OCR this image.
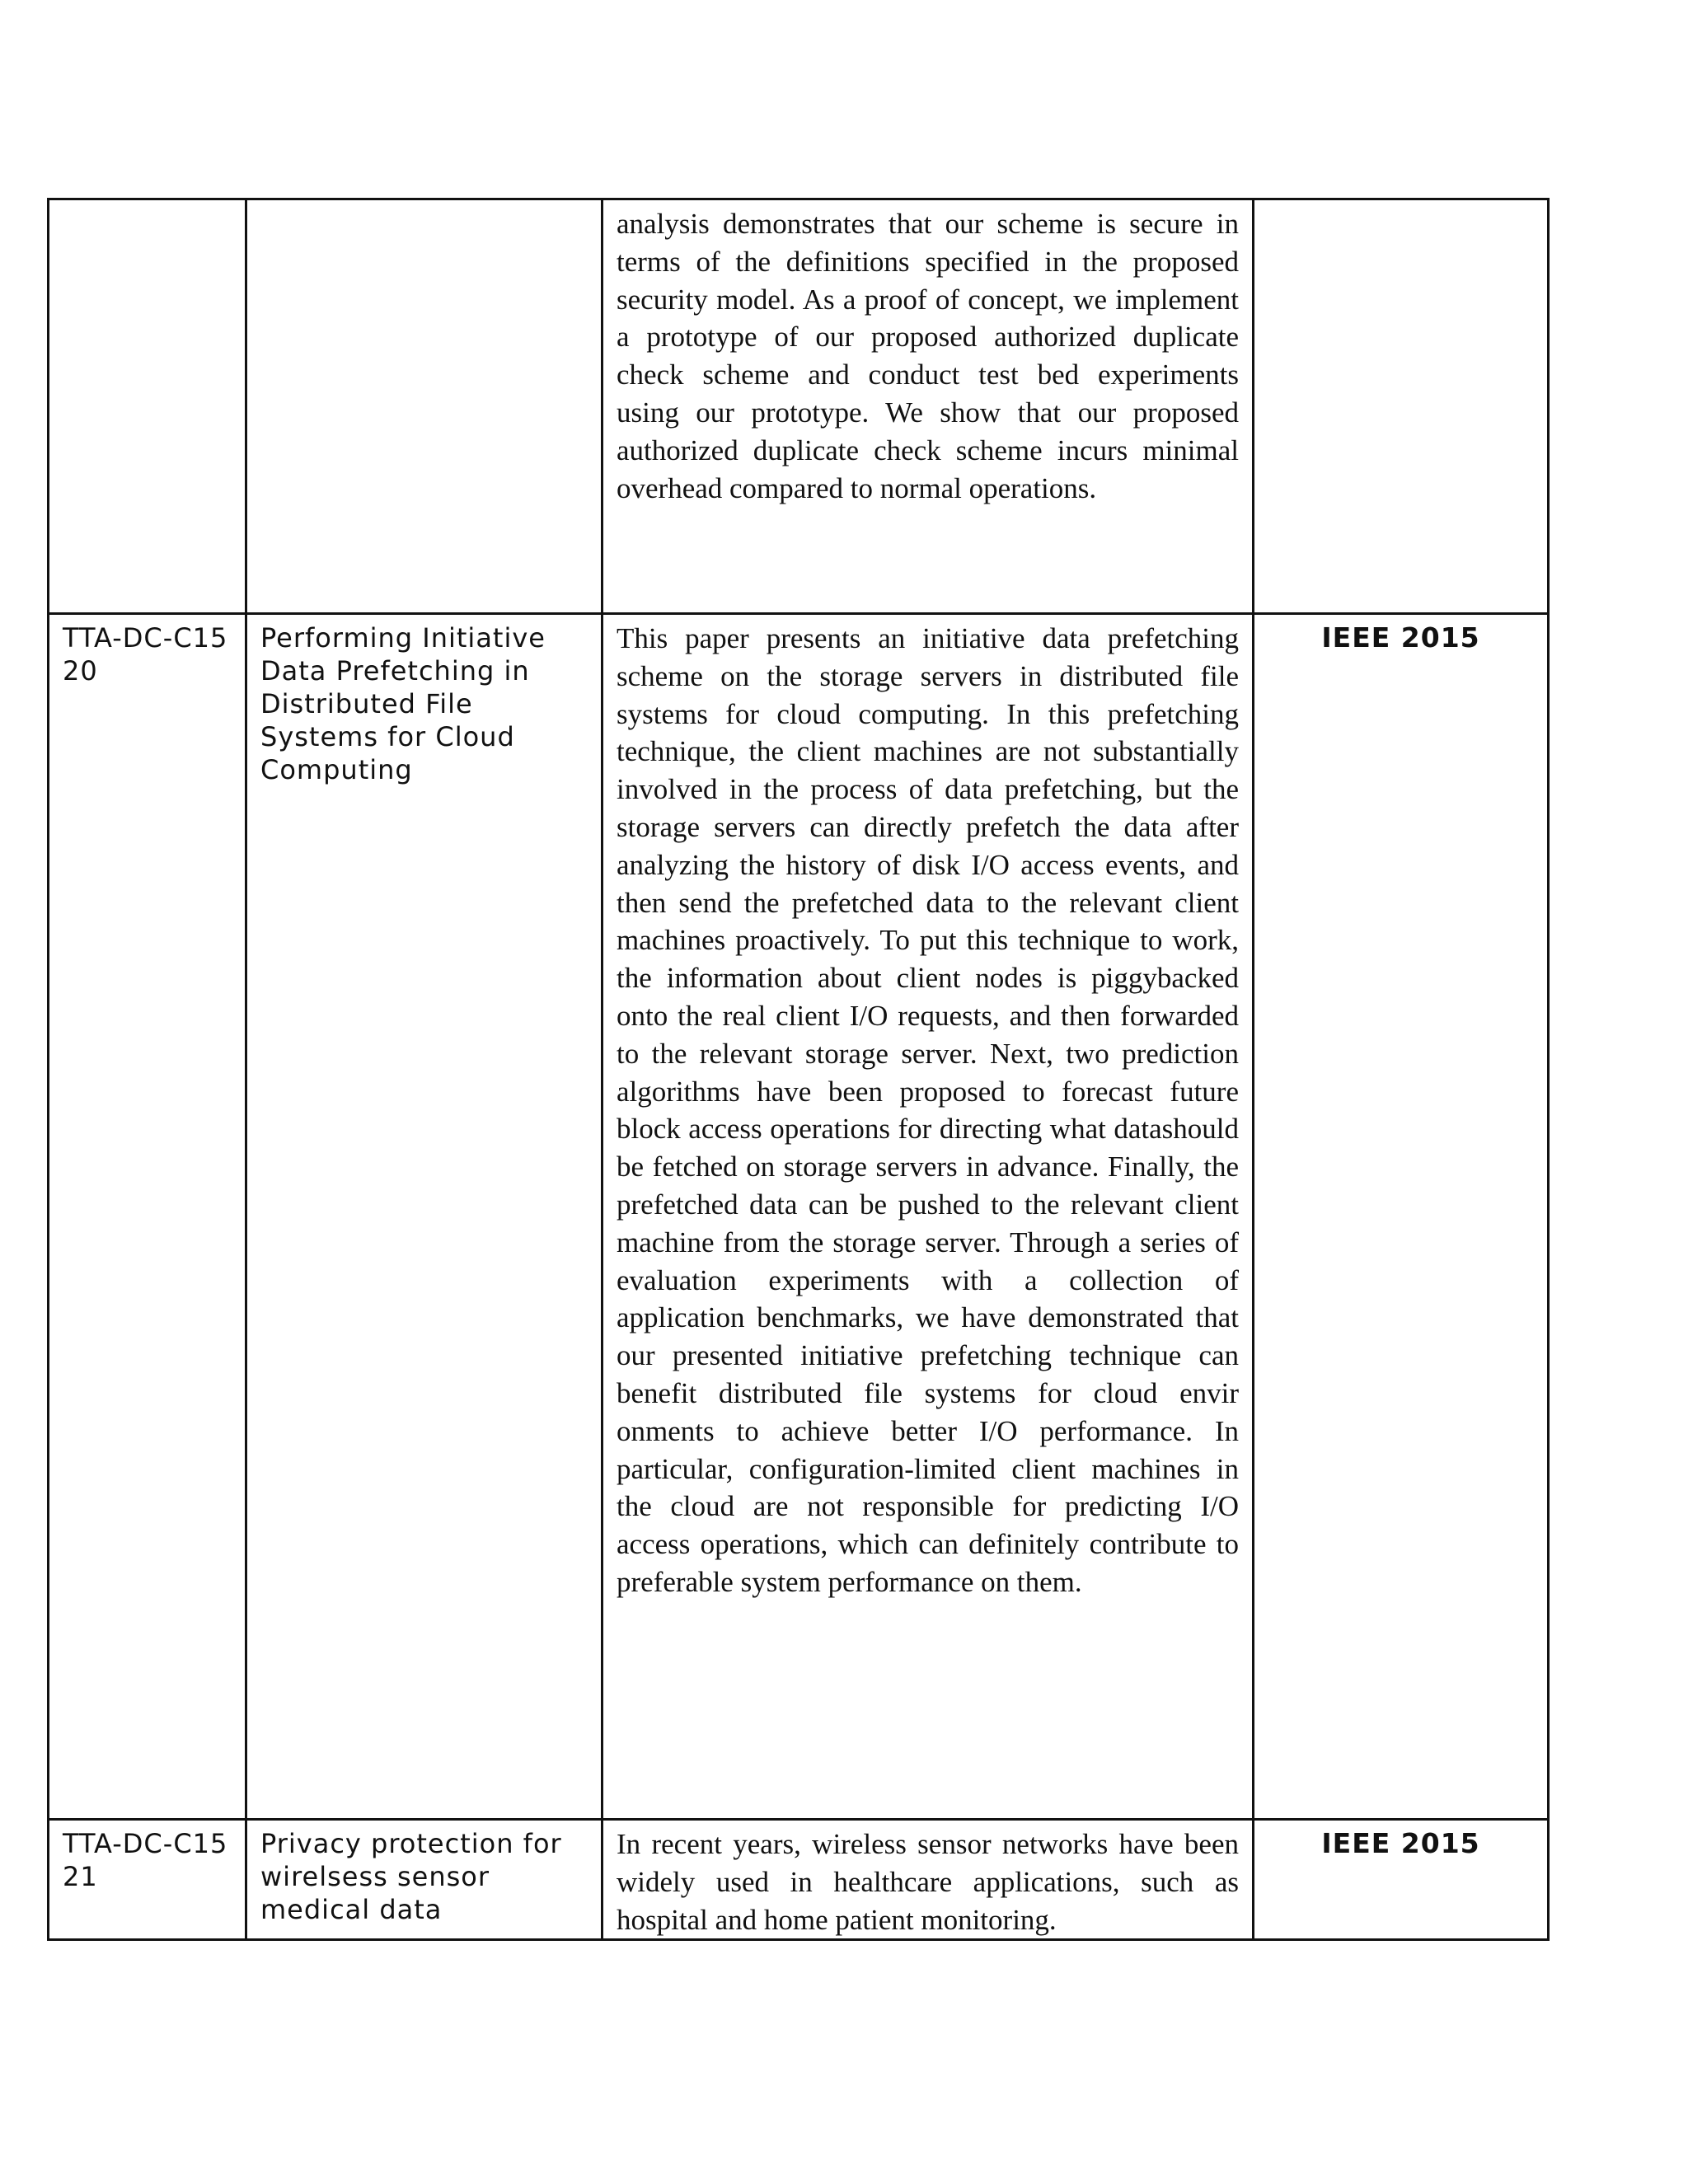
		analysis demonstrates that our scheme is secure in terms of the definitions specified in the proposed security model. As a proof of concept, we implement a prototype of our proposed authorized duplicate check scheme and conduct test bed experiments using our prototype. We show that our proposed authorized duplicate check scheme incurs minimal overhead compared to normal operations.	

TTA-DC-C1520	Performing Initiative Data Prefetching in Distributed File Systems for Cloud Computing	This paper presents an initiative data prefetching scheme on the storage servers in distributed file systems for cloud computing. In this prefetching technique, the client machines are not substantially involved in the process of data prefetching, but the storage servers can directly prefetch the data after analyzing the history of disk I/O access events, and then send the prefetched data to the relevant client machines proactively. To put this technique to work, the information about client nodes is piggybacked onto the real client I/O requests, and then forwarded to the relevant storage server. Next, two prediction algorithms have been proposed to forecast future block access operations for directing what datashould be fetched on storage servers in advance. Finally, the prefetched data can be pushed to the relevant client machine from the storage server. Through a series of evaluation experiments with a collection of application benchmarks, we have demonstrated that our presented initiative prefetching technique can benefit distributed file systems for cloud envir onments to achieve better I/O performance. In particular, configuration-limited client machines in the cloud are not responsible for predicting I/O access operations, which can definitely contribute to preferable system performance on them.	IEEE 2015

TTA-DC-C1521	Privacy protection for wirelsess sensor medical data	In recent years, wireless sensor networks have been widely used in healthcare applications, such as hospital and home patient monitoring.	IEEE 2015
